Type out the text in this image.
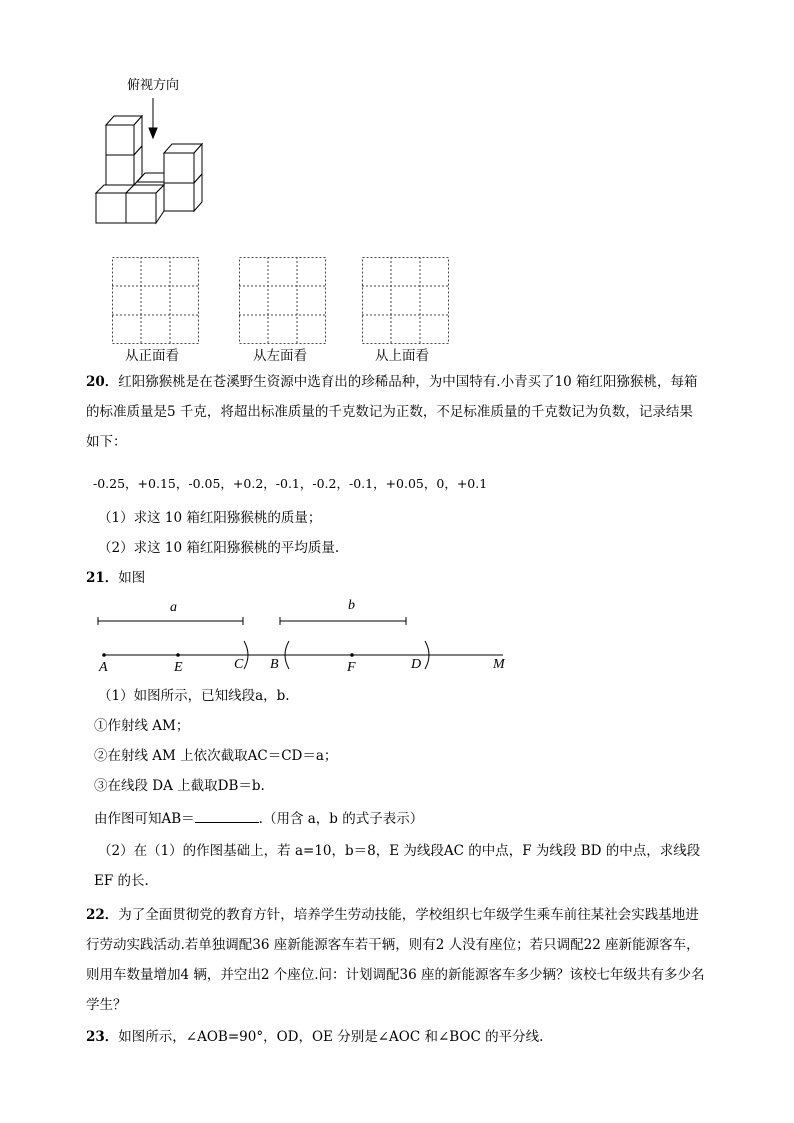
俯视方向
从正面看	从左面看	从上面看
20．红阳猕猴桃是在苍溪野生资源中选育出的珍稀品种，为中国特有.小青买了10 箱红阳猕猴桃，每箱
的标准质量是5 千克，将超出标准质量的千克数记为正数，不足标准质量的千克数记为负数，记录结果
如下：
-0.25，+0.15，-0.05，+0.2，-0.1，-0.2，-0.1，+0.05，0，+0.1
（1）求这 10 箱红阳猕猴桃的质量；
（2）求这 10 箱红阳猕猴桃的平均质量.
21．如图
a	b
A	E	C B	F	D	M
（1）如图所示，已知线段a，b.
①作射线 AM；
②在射线 AM 上依次截取AC＝CD＝a；
③在线段 DA 上截取DB＝b.
由作图可知AB＝	.（用含 a，b 的式子表示）
（2）在（1）的作图基础上，若 a=10，b＝8，E 为线段AC 的中点，F 为线段 BD 的中点，求线段
EF 的长.
22．为了全面贯彻党的教育方针，培养学生劳动技能，学校组织七年级学生乘车前往某社会实践基地进
行劳动实践活动.若单独调配36 座新能源客车若干辆，则有2 人没有座位；若只调配22 座新能源客车，
则用车数量增加4 辆，并空出2 个座位.问：计划调配36 座的新能源客车多少辆？该校七年级共有多少名
学生？
23．如图所示，∠AOB=90°，OD，OE 分别是∠AOC 和∠BOC 的平分线.
